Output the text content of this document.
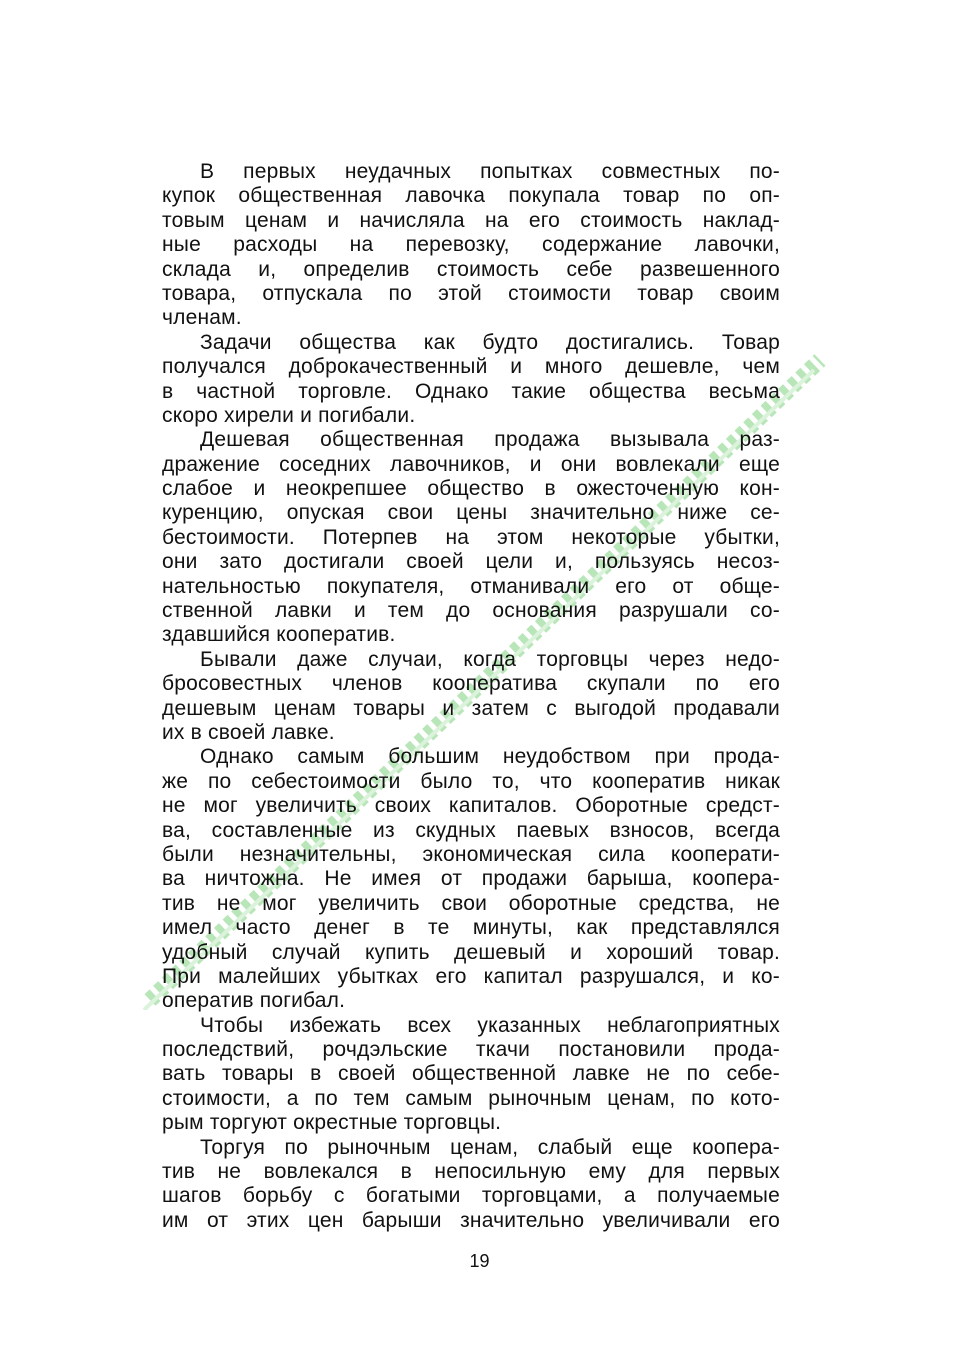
В первых неудачных попытках совместных по-
купок общественная лавочка покупала товар по оп-
товым ценам и начисляла на его стоимость наклад-
ные расходы на перевозку, содержание лавочки,
склада и, определив стоимость себе развешенного
товара, отпускала по этой стоимости товар своим
членам.
Задачи общества как будто достигались. Товар
получался доброкачественный и много дешевле, чем
в частной торговле. Однако такие общества весьма
скоро хирели и погибали.
Дешевая общественная продажа вызывала раз-
дражение соседних лавочников, и они вовлекали еще
слабое и неокрепшее общество в ожесточенную кон-
куренцию, опуская свои цены значительно ниже се-
бестоимости. Потерпев на этом некоторые убытки,
они зато достигали своей цели и, пользуясь несоз-
нательностью покупателя, отманивали его от обще-
ственной лавки и тем до основания разрушали со-
здавшийся кооператив.
Бывали даже случаи, когда торговцы через недо-
бросовестных членов кооператива скупали по его
дешевым ценам товары и затем с выгодой продавали
их в своей лавке.
Однако самым большим неудобством при прода-
же по себестоимости было то, что кооператив никак
не мог увеличить своих капиталов. Оборотные средст-
ва, составленные из скудных паевых взносов, всегда
были незначительны, экономическая сила кооперати-
ва ничтожна. Не имея от продажи барыша, коопера-
тив не мог увеличить свои оборотные средства, не
имел часто денег в те минуты, как представлялся
удобный случай купить дешевый и хороший товар.
При малейших убытках его капитал разрушался, и ко-
оператив погибал.
Чтобы избежать всех указанных неблагоприятных
последствий, рочдэльские ткачи постановили прода-
вать товары в своей общественной лавке не по себе-
стоимости, а по тем самым рыночным ценам, по кото-
рым торгуют окрестные торговцы.
Торгуя по рыночным ценам, слабый еще коопера-
тив не вовлекался в непосильную ему для первых
шагов борьбу с богатыми торговцами, а получаемые
им от этих цен барыши значительно увеличивали его
19
